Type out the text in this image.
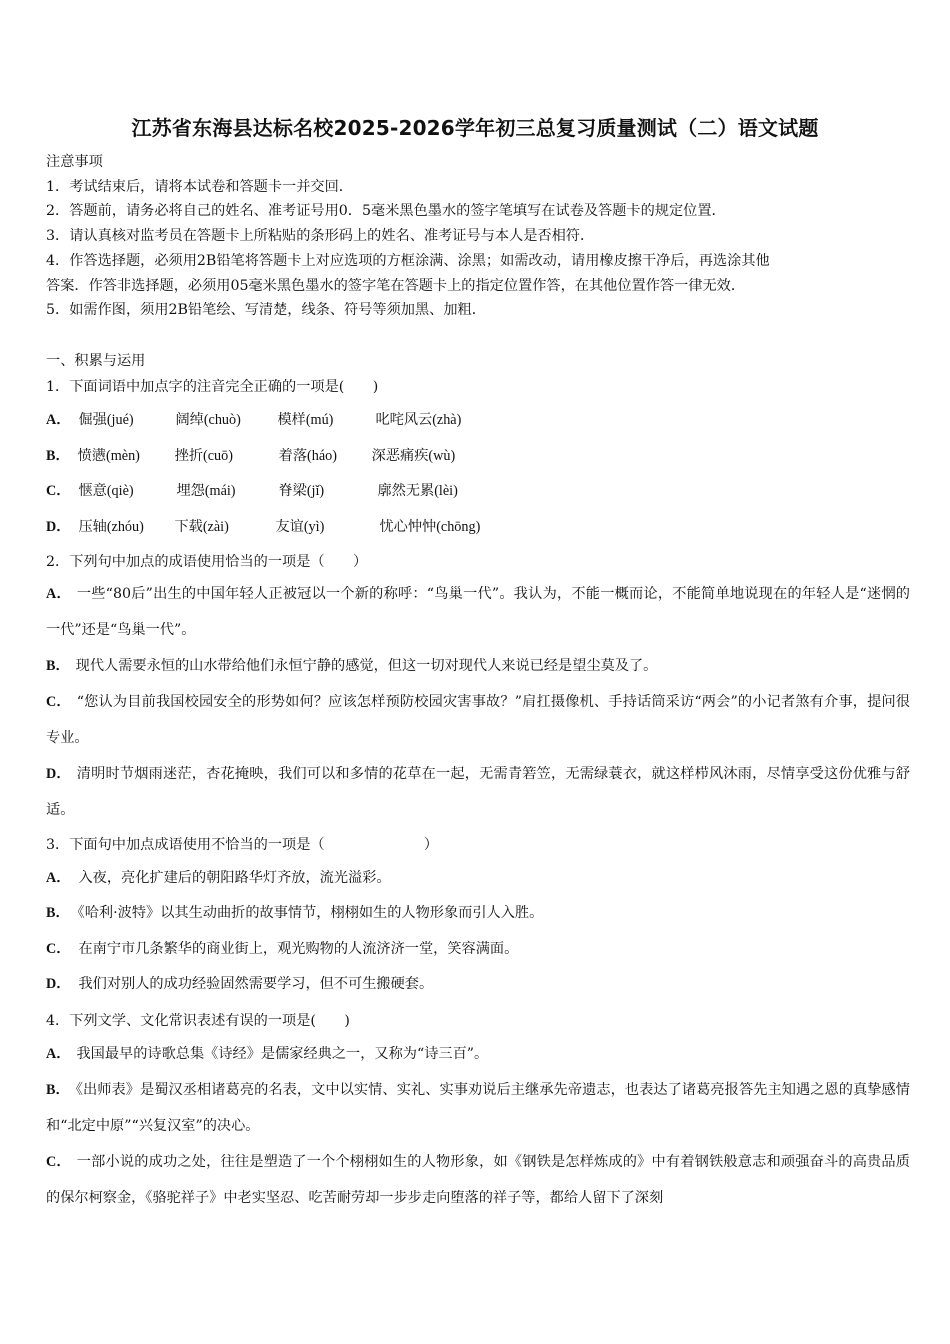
江苏省东海县达标名校2025-2026学年初三总复习质量测试（二）语文试题
注意事项
1．考试结束后，请将本试卷和答题卡一并交回．
2．答题前，请务必将自己的姓名、准考证号用0．5毫米黑色墨水的签字笔填写在试卷及答题卡的规定位置．
3．请认真核对监考员在答题卡上所粘贴的条形码上的姓名、准考证号与本人是否相符．
4．作答选择题，必须用2B铅笔将答题卡上对应选项的方框涂满、涂黑；如需改动，请用橡皮擦干净后，再选涂其他
答案．作答非选择题，必须用05毫米黑色墨水的签字笔在答题卡上的指定位置作答，在其他位置作答一律无效．
5．如需作图，须用2B铅笔绘、写清楚，线条、符号等须加黑、加粗．
一、积累与运用
1．下面词语中加点字的注音完全正确的一项是(　　)
A． 倔强(jué)	阔绰(chuò)	模样(mú)	叱咤风云(zhà)
B． 愤懑(mèn) 挫折(cuō)	着落(háo) 深恶痛疾(wù)
C． 惬意(qiè)	埋怨(mái)	脊梁(jǐ)	廓然无累(lèi)
D． 压轴(zhóu) 下载(zài)	友谊(yì)	忧心忡忡(chōng)
2．下列句中加点的成语使用恰当的一项是（　　）
A． 一些“80后”出生的中国年轻人正被冠以一个新的称呼：“鸟巢一代”。我认为，不能一概而论，不能简单地说现在的年轻人是“迷惘的一代”还是“鸟巢一代”。
B． 现代人需要永恒的山水带给他们永恒宁静的感觉，但这一切对现代人来说已经是望尘莫及了。
C． “您认为目前我国校园安全的形势如何？应该怎样预防校园灾害事故？”肩扛摄像机、手持话筒采访“两会”的小记者煞有介事，提问很专业。
D． 清明时节烟雨迷茫，杏花掩映，我们可以和多情的花草在一起，无需青箬笠，无需绿蓑衣，就这样栉风沐雨，尽情享受这份优雅与舒适。
3．下面句中加点成语使用不恰当的一项是（　　　　　　　）
A． 入夜，亮化扩建后的朝阳路华灯齐放，流光溢彩。
B． 《哈利·波特》以其生动曲折的故事情节，栩栩如生的人物形象而引人入胜。
C． 在南宁市几条繁华的商业街上，观光购物的人流济济一堂，笑容满面。
D． 我们对别人的成功经验固然需要学习，但不可生搬硬套。
4．下列文学、文化常识表述有误的一项是(　　)
A． 我国最早的诗歌总集《诗经》是儒家经典之一，又称为“诗三百”。
B． 《出师表》是蜀汉丞相诸葛亮的名表，文中以实情、实礼、实事劝说后主继承先帝遗志，也表达了诸葛亮报答先主知遇之恩的真挚感情和“北定中原”“兴复汉室”的决心。
C． 一部小说的成功之处，往往是塑造了一个个栩栩如生的人物形象，如《钢铁是怎样炼成的》中有着钢铁般意志和顽强奋斗的高贵品质的保尔柯察金，《骆驼祥子》中老实坚忍、吃苦耐劳却一步步走向堕落的祥子等，都给人留下了深刻
